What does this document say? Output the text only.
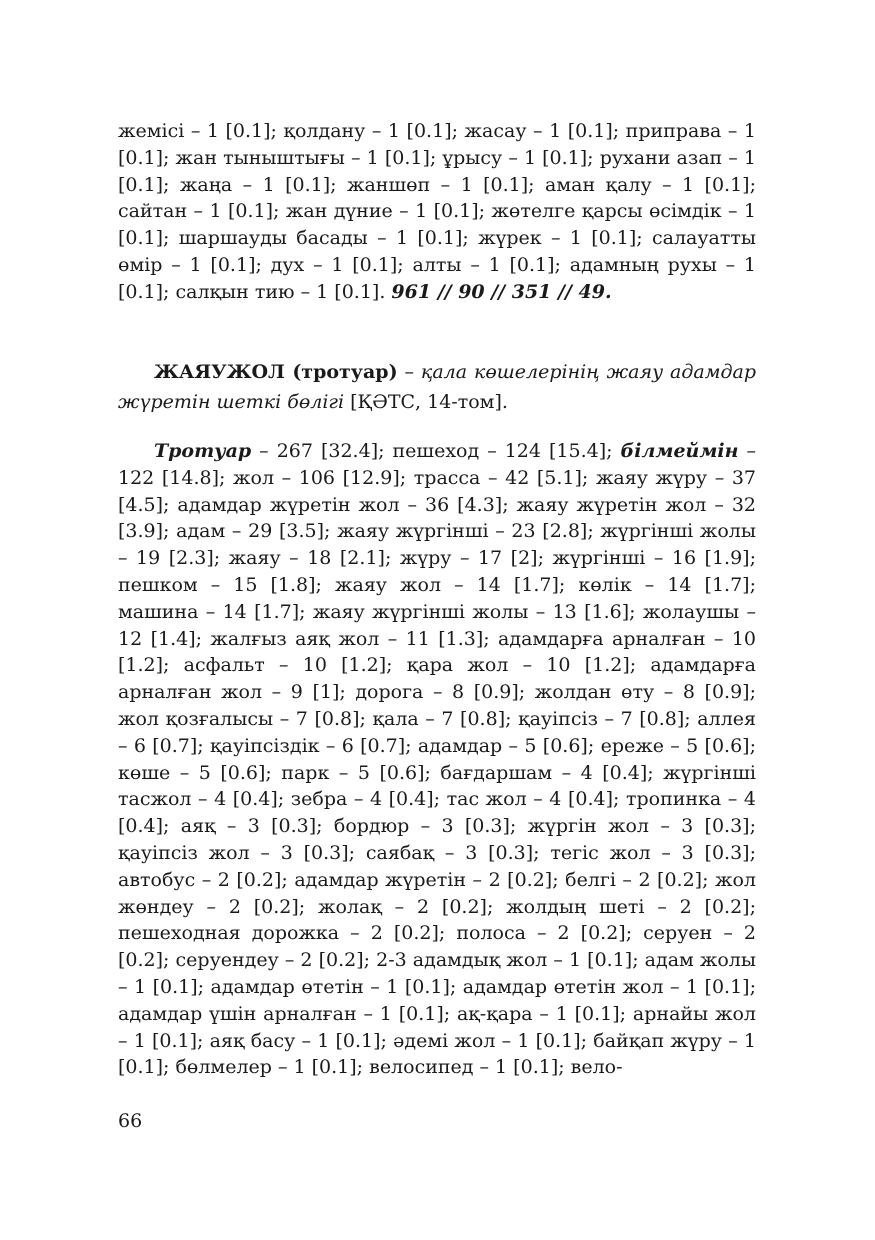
жемісі – 1 [0.1]; қолдану – 1 [0.1]; жасау – 1 [0.1]; приправа – 1 [0.1]; жан тыныштығы – 1 [0.1]; ұрысу – 1 [0.1]; рухани азап – 1 [0.1]; жаңа – 1 [0.1]; жаншөп – 1 [0.1]; аман қалу – 1 [0.1]; сайтан – 1 [0.1]; жан дүние – 1 [0.1]; жөтелге қарсы өсімдік – 1 [0.1]; шаршауды басады – 1 [0.1]; жүрек – 1 [0.1]; салауатты өмір – 1 [0.1]; дух – 1 [0.1]; алты – 1 [0.1]; адамның рухы – 1 [0.1]; салқын тию – 1 [0.1]. 961 // 90 // 351 // 49.

ЖАЯУЖОЛ (тротуар) – қала көшелерінің жаяу адамдар жүретін шеткі бөлігі [ҚӘТС, 14-том].

Тротуар – 267 [32.4]; пешеход – 124 [15.4]; білмеймін – 122 [14.8]; жол – 106 [12.9]; трасса – 42 [5.1]; жаяу жүру – 37 [4.5]; адамдар жүретін жол – 36 [4.3]; жаяу жүретін жол – 32 [3.9]; адам – 29 [3.5]; жаяу жүргінші – 23 [2.8]; жүргінші жолы – 19 [2.3]; жаяу – 18 [2.1]; жүру – 17 [2]; жүргінші – 16 [1.9]; пешком – 15 [1.8]; жаяу жол – 14 [1.7]; көлік – 14 [1.7]; машина – 14 [1.7]; жаяу жүргінші жолы – 13 [1.6]; жолаушы – 12 [1.4]; жалғыз аяқ жол – 11 [1.3]; адамдарға арналған – 10 [1.2]; асфальт – 10 [1.2]; қара жол – 10 [1.2]; адамдарға арналған жол – 9 [1]; дорога – 8 [0.9]; жолдан өту – 8 [0.9]; жол қозғалысы – 7 [0.8]; қала – 7 [0.8]; қауіпсіз – 7 [0.8]; аллея – 6 [0.7]; қауіпсіздік – 6 [0.7]; адамдар – 5 [0.6]; ереже – 5 [0.6]; көше – 5 [0.6]; парк – 5 [0.6]; бағдаршам – 4 [0.4]; жүргінші тасжол – 4 [0.4]; зебра – 4 [0.4]; тас жол – 4 [0.4]; тропинка – 4 [0.4]; аяқ – 3 [0.3]; бордюр – 3 [0.3]; жүргін жол – 3 [0.3]; қауіпсіз жол – 3 [0.3]; саябақ – 3 [0.3]; тегіс жол – 3 [0.3]; автобус – 2 [0.2]; адамдар жүретін – 2 [0.2]; белгі – 2 [0.2]; жол жөндеу – 2 [0.2]; жолақ – 2 [0.2]; жолдың шеті – 2 [0.2]; пешеходная дорожка – 2 [0.2]; полоса – 2 [0.2]; серуен – 2 [0.2]; серуендеу – 2 [0.2]; 2-3 адамдық жол – 1 [0.1]; адам жолы – 1 [0.1]; адамдар өтетін – 1 [0.1]; адамдар өтетін жол – 1 [0.1]; адамдар үшін арналған – 1 [0.1]; ақ-қара – 1 [0.1]; арнайы жол – 1 [0.1]; аяқ басу – 1 [0.1]; әдемі жол – 1 [0.1]; байқап жүру – 1 [0.1]; бөлмелер – 1 [0.1]; велосипед – 1 [0.1]; вело-

66
